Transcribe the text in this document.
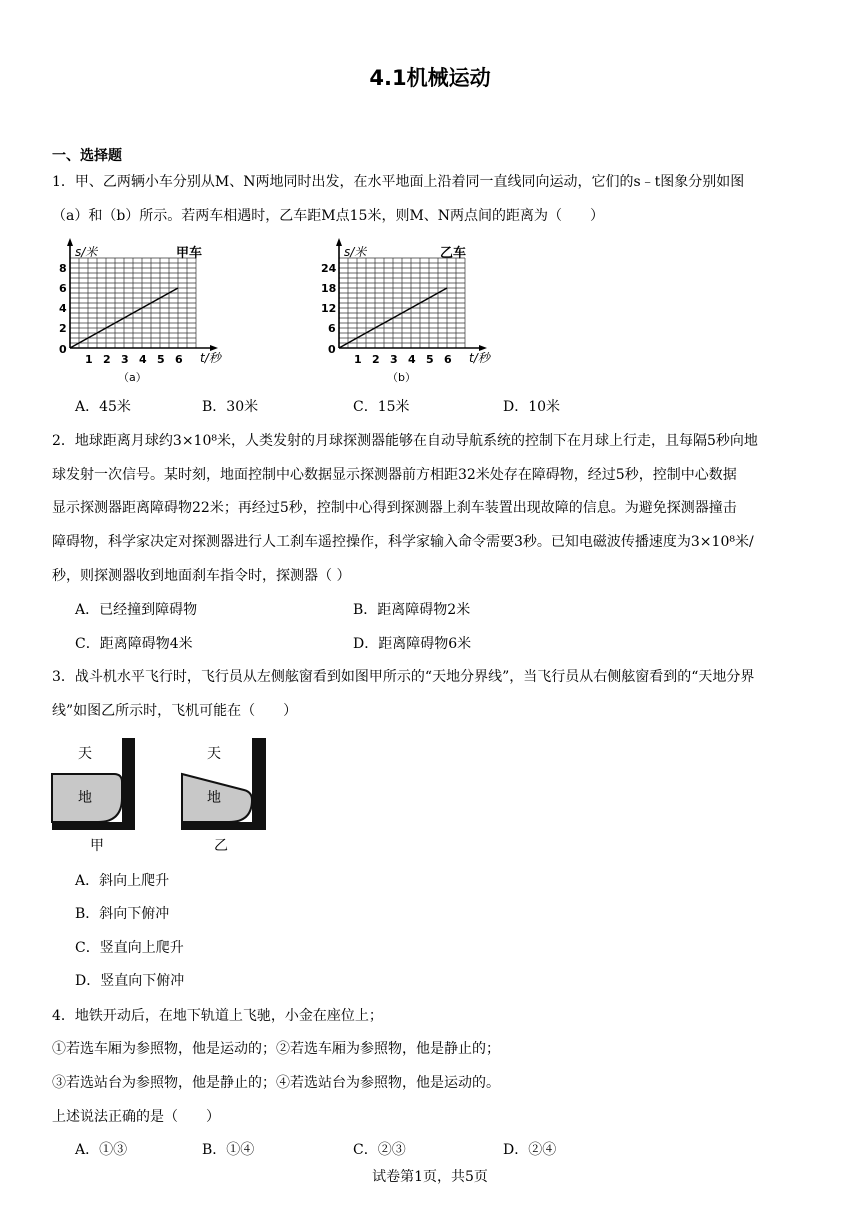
4.1机械运动
一、选择题
1．甲、乙两辆小车分别从M、N两地同时出发，在水平地面上沿着同一直线同向运动，它们的s﹣t图象分别如图
（a）和（b）所示。若两车相遇时，乙车距M点15米，则M、N两点间的距离为（　　）
0
1 2 3 4 5 6
2
4
6
8
s/米
t/秒
甲车
（a）
0
1 2 3 4 5 6
6
12
18
24
s/米
t/秒
乙车
（b）
A．45米	B．30米	C．15米	D．10米
2．地球距离月球约3×10⁸米，人类发射的月球探测器能够在自动导航系统的控制下在月球上行走，且每隔5秒向地
球发射一次信号。某时刻，地面控制中心数据显示探测器前方相距32米处存在障碍物，经过5秒，控制中心数据
显示探测器距离障碍物22米；再经过5秒，控制中心得到探测器上刹车装置出现故障的信息。为避免探测器撞击
障碍物，科学家决定对探测器进行人工刹车遥控操作，科学家输入命令需要3秒。已知电磁波传播速度为3×10⁸米/
秒，则探测器收到地面刹车指令时，探测器（ ）
A．已经撞到障碍物	B．距离障碍物2米
C．距离障碍物4米	D．距离障碍物6米
3．战斗机水平飞行时，飞行员从左侧舷窗看到如图甲所示的“天地分界线”，当飞行员从右侧舷窗看到的“天地分界
线”如图乙所示时，飞机可能在（　　）
天
地
甲
天
地
乙
A．斜向上爬升
B．斜向下俯冲
C．竖直向上爬升
D．竖直向下俯冲
4．地铁开动后，在地下轨道上飞驰，小金在座位上；
①若选车厢为参照物，他是运动的；②若选车厢为参照物，他是静止的；
③若选站台为参照物，他是静止的；④若选站台为参照物，他是运动的。
上述说法正确的是（　　）
A．①③	B．①④	C．②③	D．②④
试卷第1页，共5页
